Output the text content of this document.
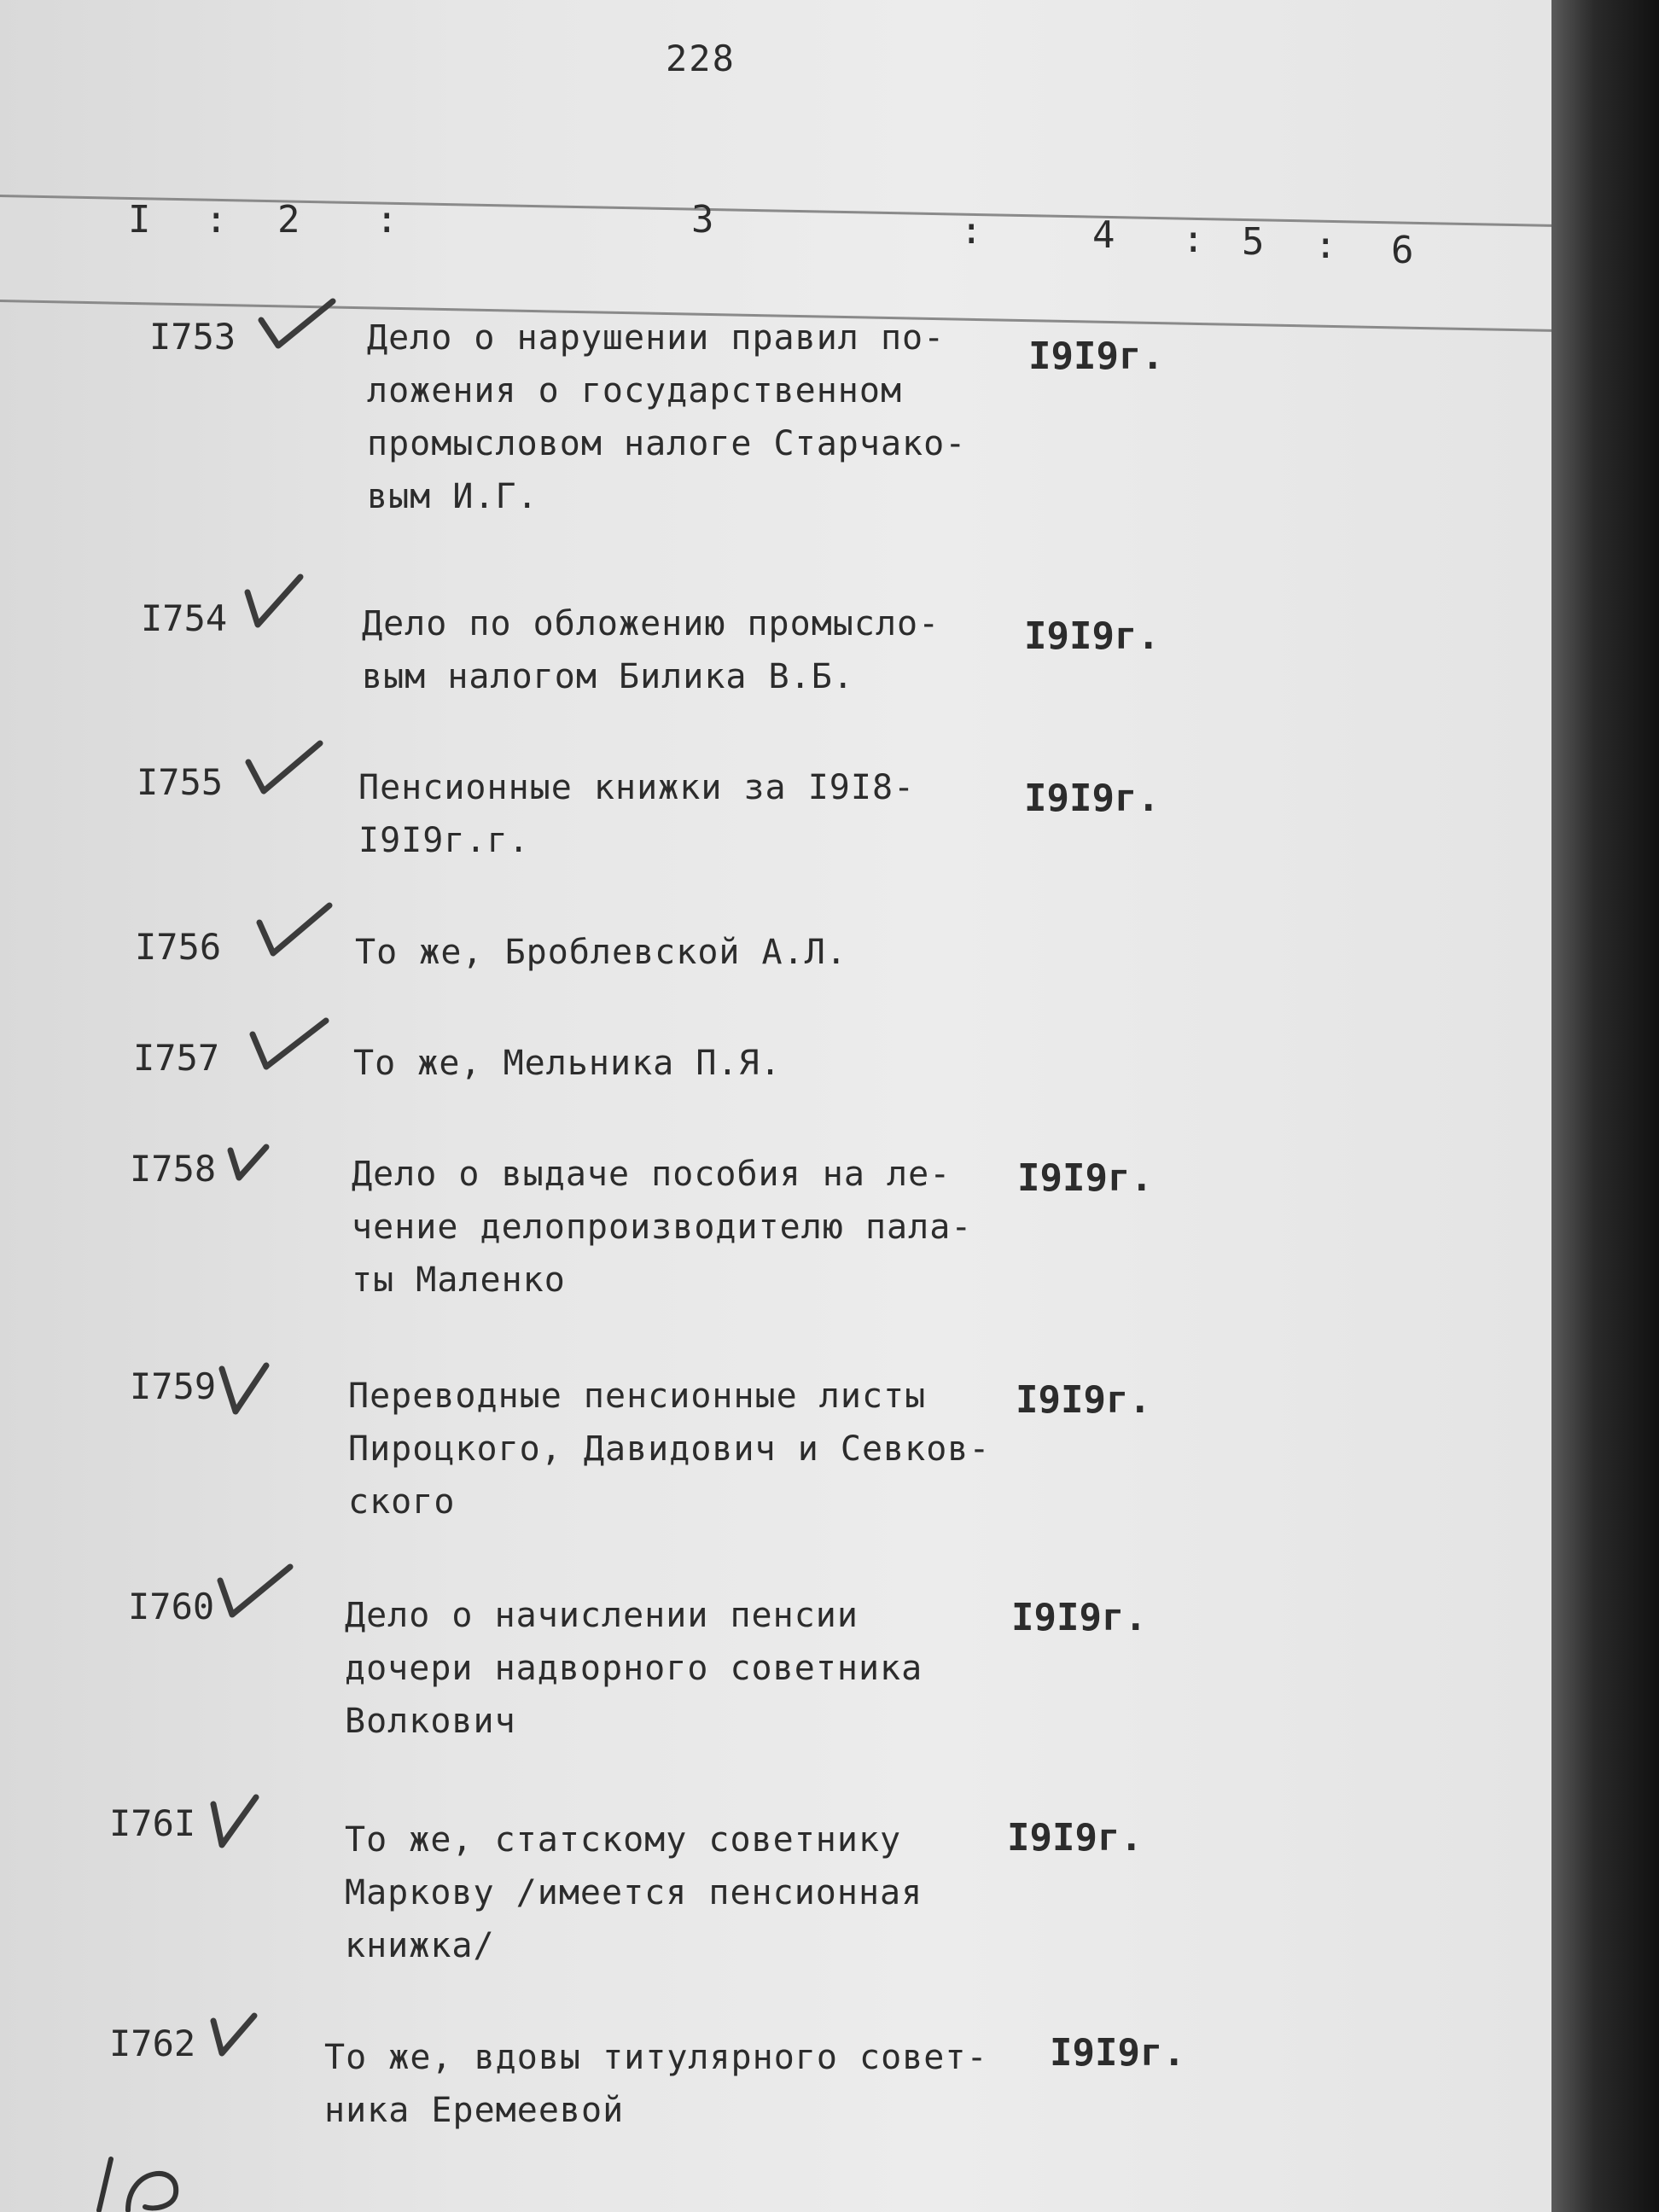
228
I : 2 :	3	:	4 : 5 : 6
I753	Дело о нарушении правил по-
ложения о государственном
промысловом налоге Старчако-
вым И.Г.
I9I9г.
I754	Дело по обложению промысло-
вым налогом Билика В.Б.
I9I9г.
I755	Пенсионные книжки за I9I8-
I9I9г.г.
I9I9г.
I756	То же, Броблевской А.Л.
I757	То же, Мельника П.Я.
I758	Дело о выдаче пособия на ле-
чение делопроизводителю пала-
ты Маленко
I9I9г.
I759	Переводные пенсионные листы
Пироцкого, Давидович и Севков-
ского
I9I9г.
I760	Дело о начислении пенсии
дочери надворного советника
Волкович
I9I9г.
I76I	То же, статскому советнику
Маркову /имеется пенсионная
книжка/
I9I9г.
I762	То же, вдовы титулярного совет-
ника Еремеевой
I9I9г.
